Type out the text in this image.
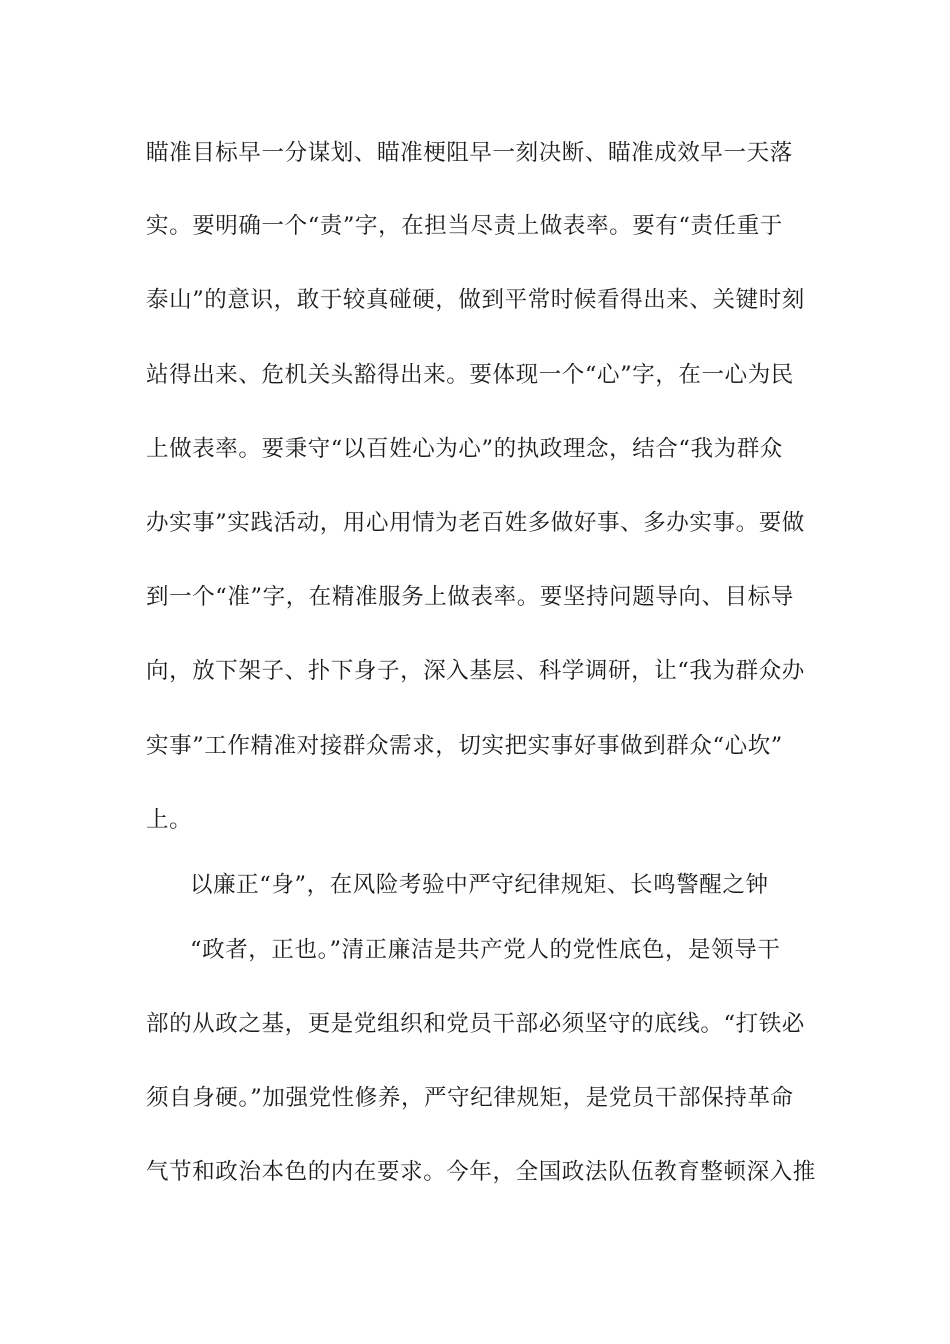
瞄准目标早一分谋划、瞄准梗阻早一刻决断、瞄准成效早一天落
实。要明确一个“责”字，在担当尽责上做表率。要有“责任重于
泰山”的意识，敢于较真碰硬，做到平常时候看得出来、关键时刻
站得出来、危机关头豁得出来。要体现一个“心”字，在一心为民
上做表率。要秉守“以百姓心为心”的执政理念，结合“我为群众
办实事”实践活动，用心用情为老百姓多做好事、多办实事。要做
到一个“准”字，在精准服务上做表率。要坚持问题导向、目标导
向，放下架子、扑下身子，深入基层、科学调研，让“我为群众办
实事”工作精准对接群众需求，切实把实事好事做到群众“心坎”
上。
以廉正“身”，在风险考验中严守纪律规矩、长鸣警醒之钟
“政者，正也。”清正廉洁是共产党人的党性底色，是领导干
部的从政之基，更是党组织和党员干部必须坚守的底线。“打铁必
须自身硬。”加强党性修养，严守纪律规矩，是党员干部保持革命
气节和政治本色的内在要求。今年，全国政法队伍教育整顿深入推
